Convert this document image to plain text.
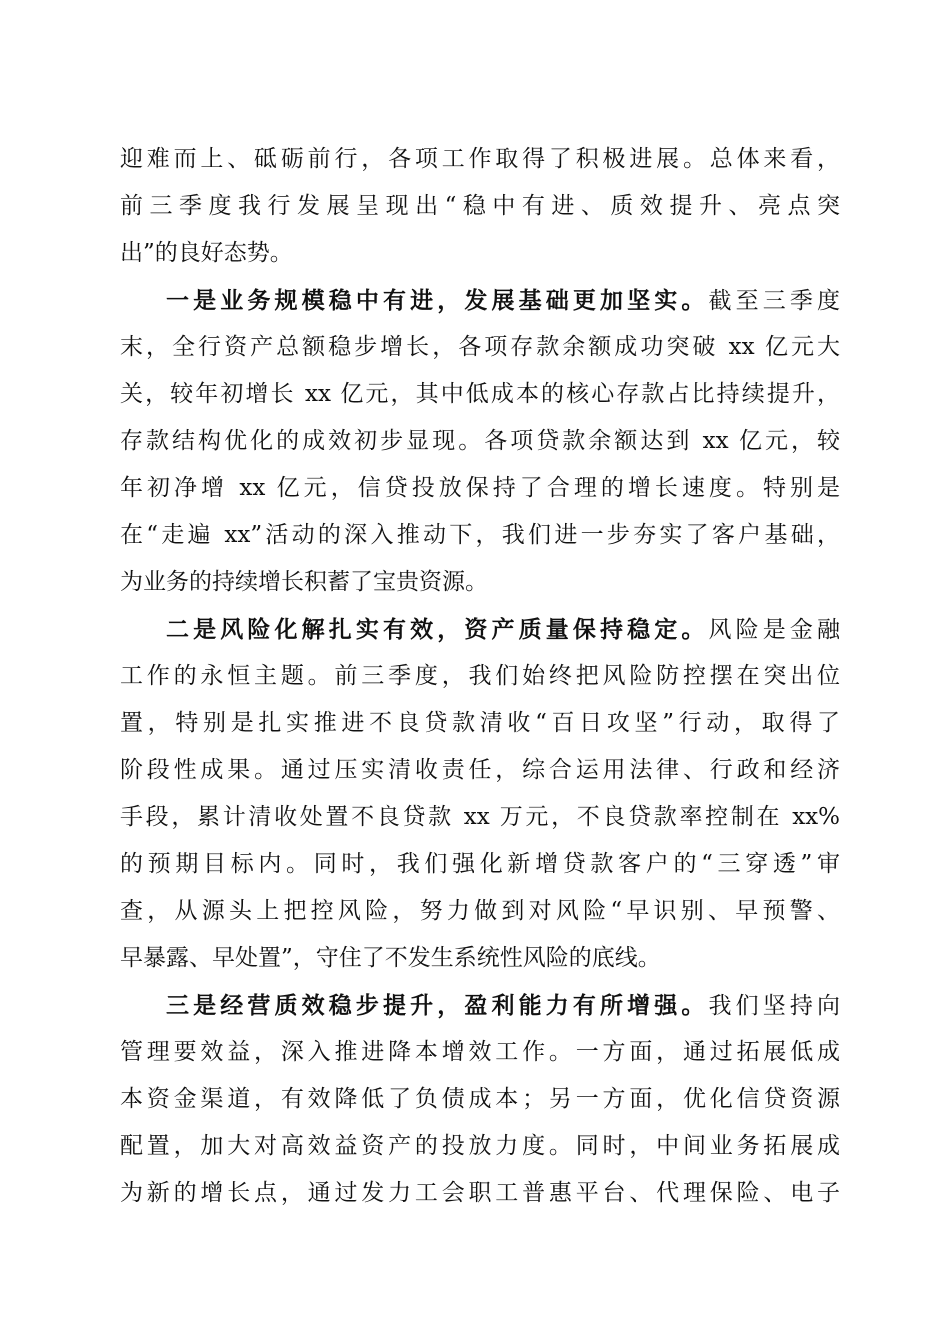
迎难而上、砥砺前行，各项工作取得了积极进展。总体来看，
前三季度我行发展呈现出“稳中有进、质效提升、亮点突
出”的良好态势。
一是业务规模稳中有进，发展基础更加坚实。截至三季度
末，全行资产总额稳步增长，各项存款余额成功突破 xx 亿元大
关，较年初增长 xx 亿元，其中低成本的核心存款占比持续提升，
存款结构优化的成效初步显现。各项贷款余额达到 xx 亿元，较
年初净增 xx 亿元，信贷投放保持了合理的增长速度。特别是
在“走遍 xx”活动的深入推动下，我们进一步夯实了客户基础，
为业务的持续增长积蓄了宝贵资源。
二是风险化解扎实有效，资产质量保持稳定。风险是金融
工作的永恒主题。前三季度，我们始终把风险防控摆在突出位
置，特别是扎实推进不良贷款清收“百日攻坚”行动，取得了
阶段性成果。通过压实清收责任，综合运用法律、行政和经济
手段，累计清收处置不良贷款 xx 万元，不良贷款率控制在 xx%
的预期目标内。同时，我们强化新增贷款客户的“三穿透”审
查，从源头上把控风险，努力做到对风险“早识别、早预警、
早暴露、早处置”，守住了不发生系统性风险的底线。
三是经营质效稳步提升，盈利能力有所增强。我们坚持向
管理要效益，深入推进降本增效工作。一方面，通过拓展低成
本资金渠道，有效降低了负债成本；另一方面，优化信贷资源
配置，加大对高效益资产的投放力度。同时，中间业务拓展成
为新的增长点，通过发力工会职工普惠平台、代理保险、电子
